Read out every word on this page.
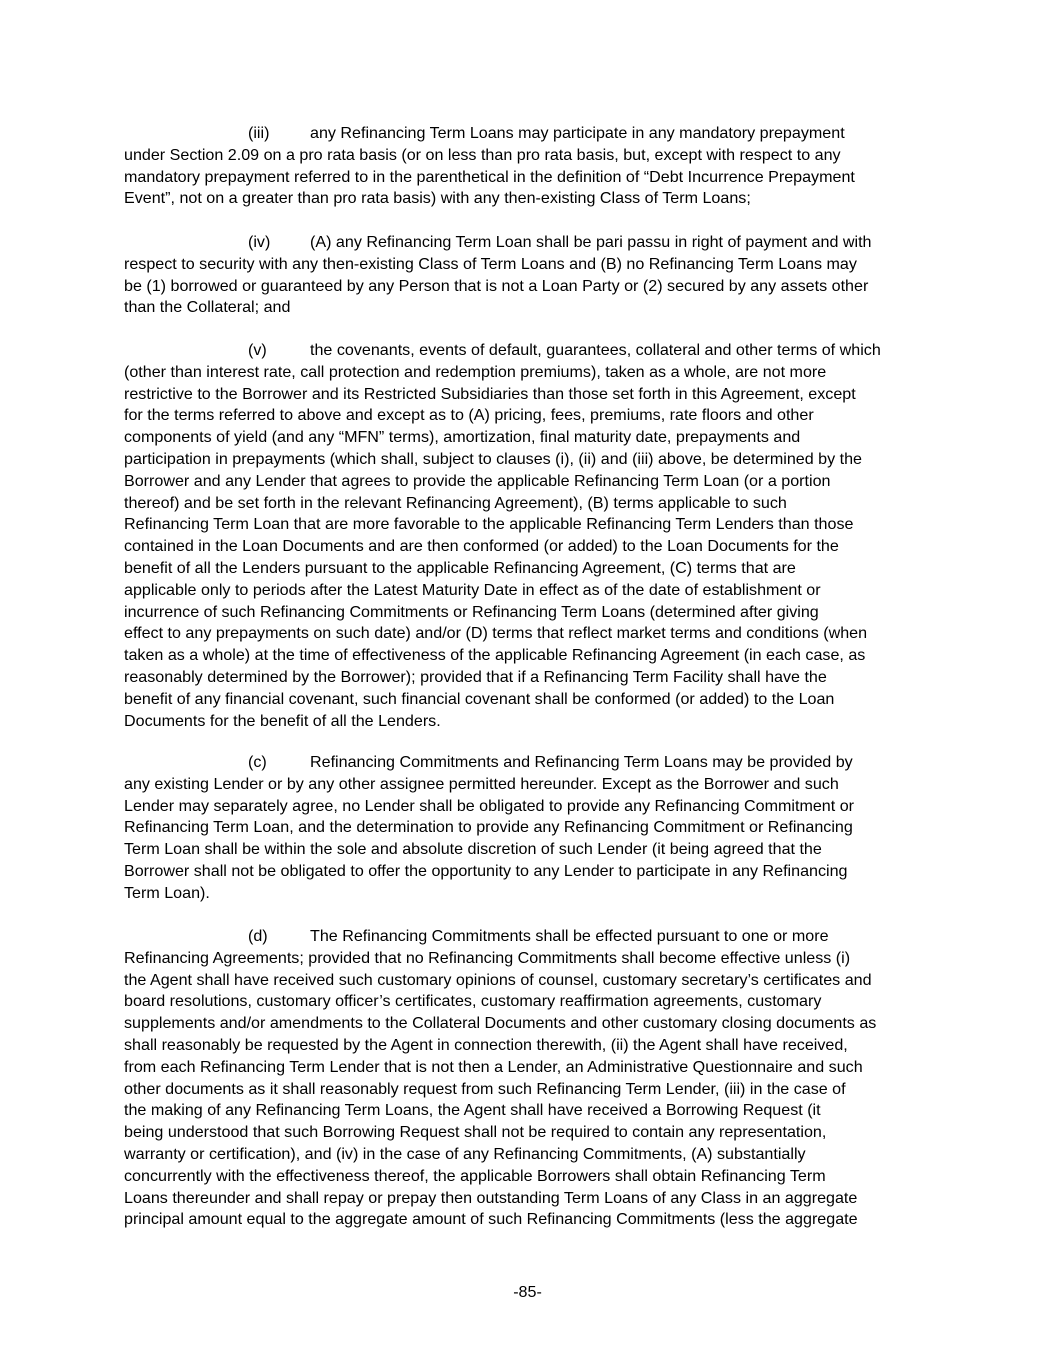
(iii)	any Refinancing Term Loans may participate in any mandatory prepayment
under Section 2.09 on a pro rata basis (or on less than pro rata basis, but, except with respect to any
mandatory prepayment referred to in the parenthetical in the definition of “Debt Incurrence Prepayment
Event”, not on a greater than pro rata basis) with any then-existing Class of Term Loans;
(iv) (A) any Refinancing Term Loan shall be pari passu in right of payment and with
respect to security with any then-existing Class of Term Loans and (B) no Refinancing Term Loans may
be (1) borrowed or guaranteed by any Person that is not a Loan Party or (2) secured by any assets other
than the Collateral; and
(v)	the covenants, events of default, guarantees, collateral and other terms of which
(other than interest rate, call protection and redemption premiums), taken as a whole, are not more
restrictive to the Borrower and its Restricted Subsidiaries than those set forth in this Agreement, except
for the terms referred to above and except as to (A) pricing, fees, premiums, rate floors and other
components of yield (and any “MFN” terms), amortization, final maturity date, prepayments and
participation in prepayments (which shall, subject to clauses (i), (ii) and (iii) above, be determined by the
Borrower and any Lender that agrees to provide the applicable Refinancing Term Loan (or a portion
thereof) and be set forth in the relevant Refinancing Agreement), (B) terms applicable to such
Refinancing Term Loan that are more favorable to the applicable Refinancing Term Lenders than those
contained in the Loan Documents and are then conformed (or added) to the Loan Documents for the
benefit of all the Lenders pursuant to the applicable Refinancing Agreement, (C) terms that are
applicable only to periods after the Latest Maturity Date in effect as of the date of establishment or
incurrence of such Refinancing Commitments or Refinancing Term Loans (determined after giving
effect to any prepayments on such date) and/or (D) terms that reflect market terms and conditions (when
taken as a whole) at the time of effectiveness of the applicable Refinancing Agreement (in each case, as
reasonably determined by the Borrower); provided that if a Refinancing Term Facility shall have the
benefit of any financial covenant, such financial covenant shall be conformed (or added) to the Loan
Documents for the benefit of all the Lenders.
(c)	Refinancing Commitments and Refinancing Term Loans may be provided by
any existing Lender or by any other assignee permitted hereunder. Except as the Borrower and such
Lender may separately agree, no Lender shall be obligated to provide any Refinancing Commitment or
Refinancing Term Loan, and the determination to provide any Refinancing Commitment or Refinancing
Term Loan shall be within the sole and absolute discretion of such Lender (it being agreed that the
Borrower shall not be obligated to offer the opportunity to any Lender to participate in any Refinancing
Term Loan).
(d)	The Refinancing Commitments shall be effected pursuant to one or more
Refinancing Agreements; provided that no Refinancing Commitments shall become effective unless (i)
the Agent shall have received such customary opinions of counsel, customary secretary’s certificates and
board resolutions, customary officer’s certificates, customary reaffirmation agreements, customary
supplements and/or amendments to the Collateral Documents and other customary closing documents as
shall reasonably be requested by the Agent in connection therewith, (ii) the Agent shall have received,
from each Refinancing Term Lender that is not then a Lender, an Administrative Questionnaire and such
other documents as it shall reasonably request from such Refinancing Term Lender, (iii) in the case of
the making of any Refinancing Term Loans, the Agent shall have received a Borrowing Request (it
being understood that such Borrowing Request shall not be required to contain any representation,
warranty or certification), and (iv) in the case of any Refinancing Commitments, (A) substantially
concurrently with the effectiveness thereof, the applicable Borrowers shall obtain Refinancing Term
Loans thereunder and shall repay or prepay then outstanding Term Loans of any Class in an aggregate
principal amount equal to the aggregate amount of such Refinancing Commitments (less the aggregate
-85-
